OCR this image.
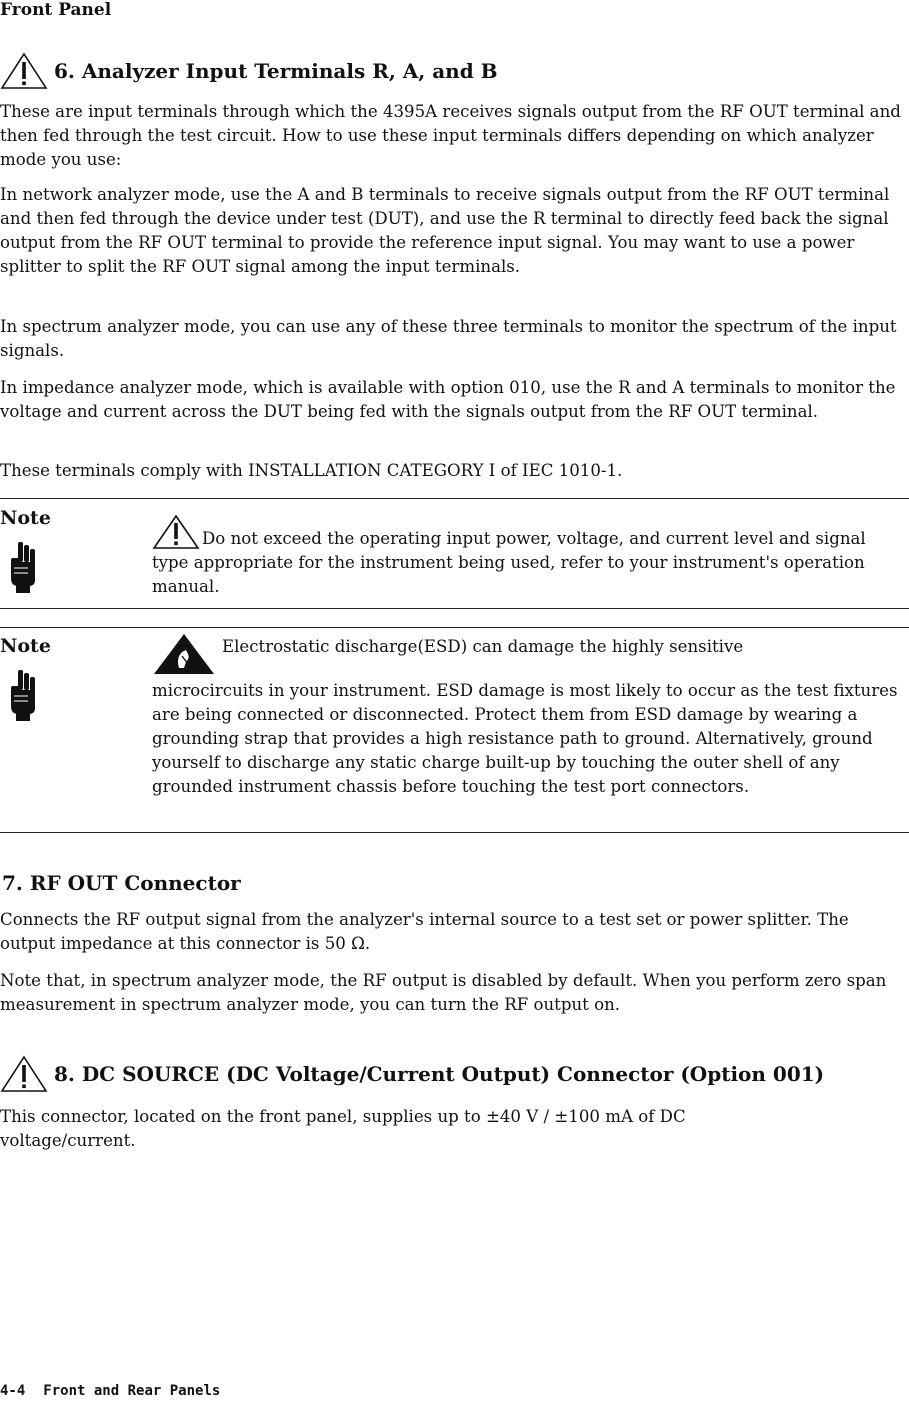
Front Panel
6. Analyzer Input Terminals R, A, and B
These are input terminals through which the 4395A receives signals output from the RF OUT terminal and then fed through the test circuit. How to use these input terminals differs depending on which analyzer mode you use:
In network analyzer mode, use the A and B terminals to receive signals output from the RF OUT terminal and then fed through the device under test (DUT), and use the R terminal to directly feed back the signal output from the RF OUT terminal to provide the reference input signal. You may want to use a power splitter to split the RF OUT signal among the input terminals.
In spectrum analyzer mode, you can use any of these three terminals to monitor the spectrum of the input signals.
In impedance analyzer mode, which is available with option 010, use the R and A terminals to monitor the voltage and current across the DUT being fed with the signals output from the RF OUT terminal.
These terminals comply with INSTALLATION CATEGORY I of IEC 1010-1.
Note
Do not exceed the operating input power, voltage, and current level and signal type appropriate for the instrument being used, refer to your instrument's operation manual.
Note	Electrostatic discharge(ESD) can damage the highly sensitive
microcircuits in your instrument. ESD damage is most likely to occur as the test fixtures are being connected or disconnected. Protect them from ESD damage by wearing a grounding strap that provides a high resistance path to ground. Alternatively, ground yourself to discharge any static charge built-up by touching the outer shell of any grounded instrument chassis before touching the test port connectors.
7. RF OUT Connector
Connects the RF output signal from the analyzer's internal source to a test set or power splitter. The output impedance at this connector is 50 Ω.
Note that, in spectrum analyzer mode, the RF output is disabled by default. When you perform zero span measurement in spectrum analyzer mode, you can turn the RF output on.
8. DC SOURCE (DC Voltage/Current Output) Connector (Option 001)
This connector, located on the front panel, supplies up to ±40 V / ±100 mA of DC voltage/current.
4-4 Front and Rear Panels
